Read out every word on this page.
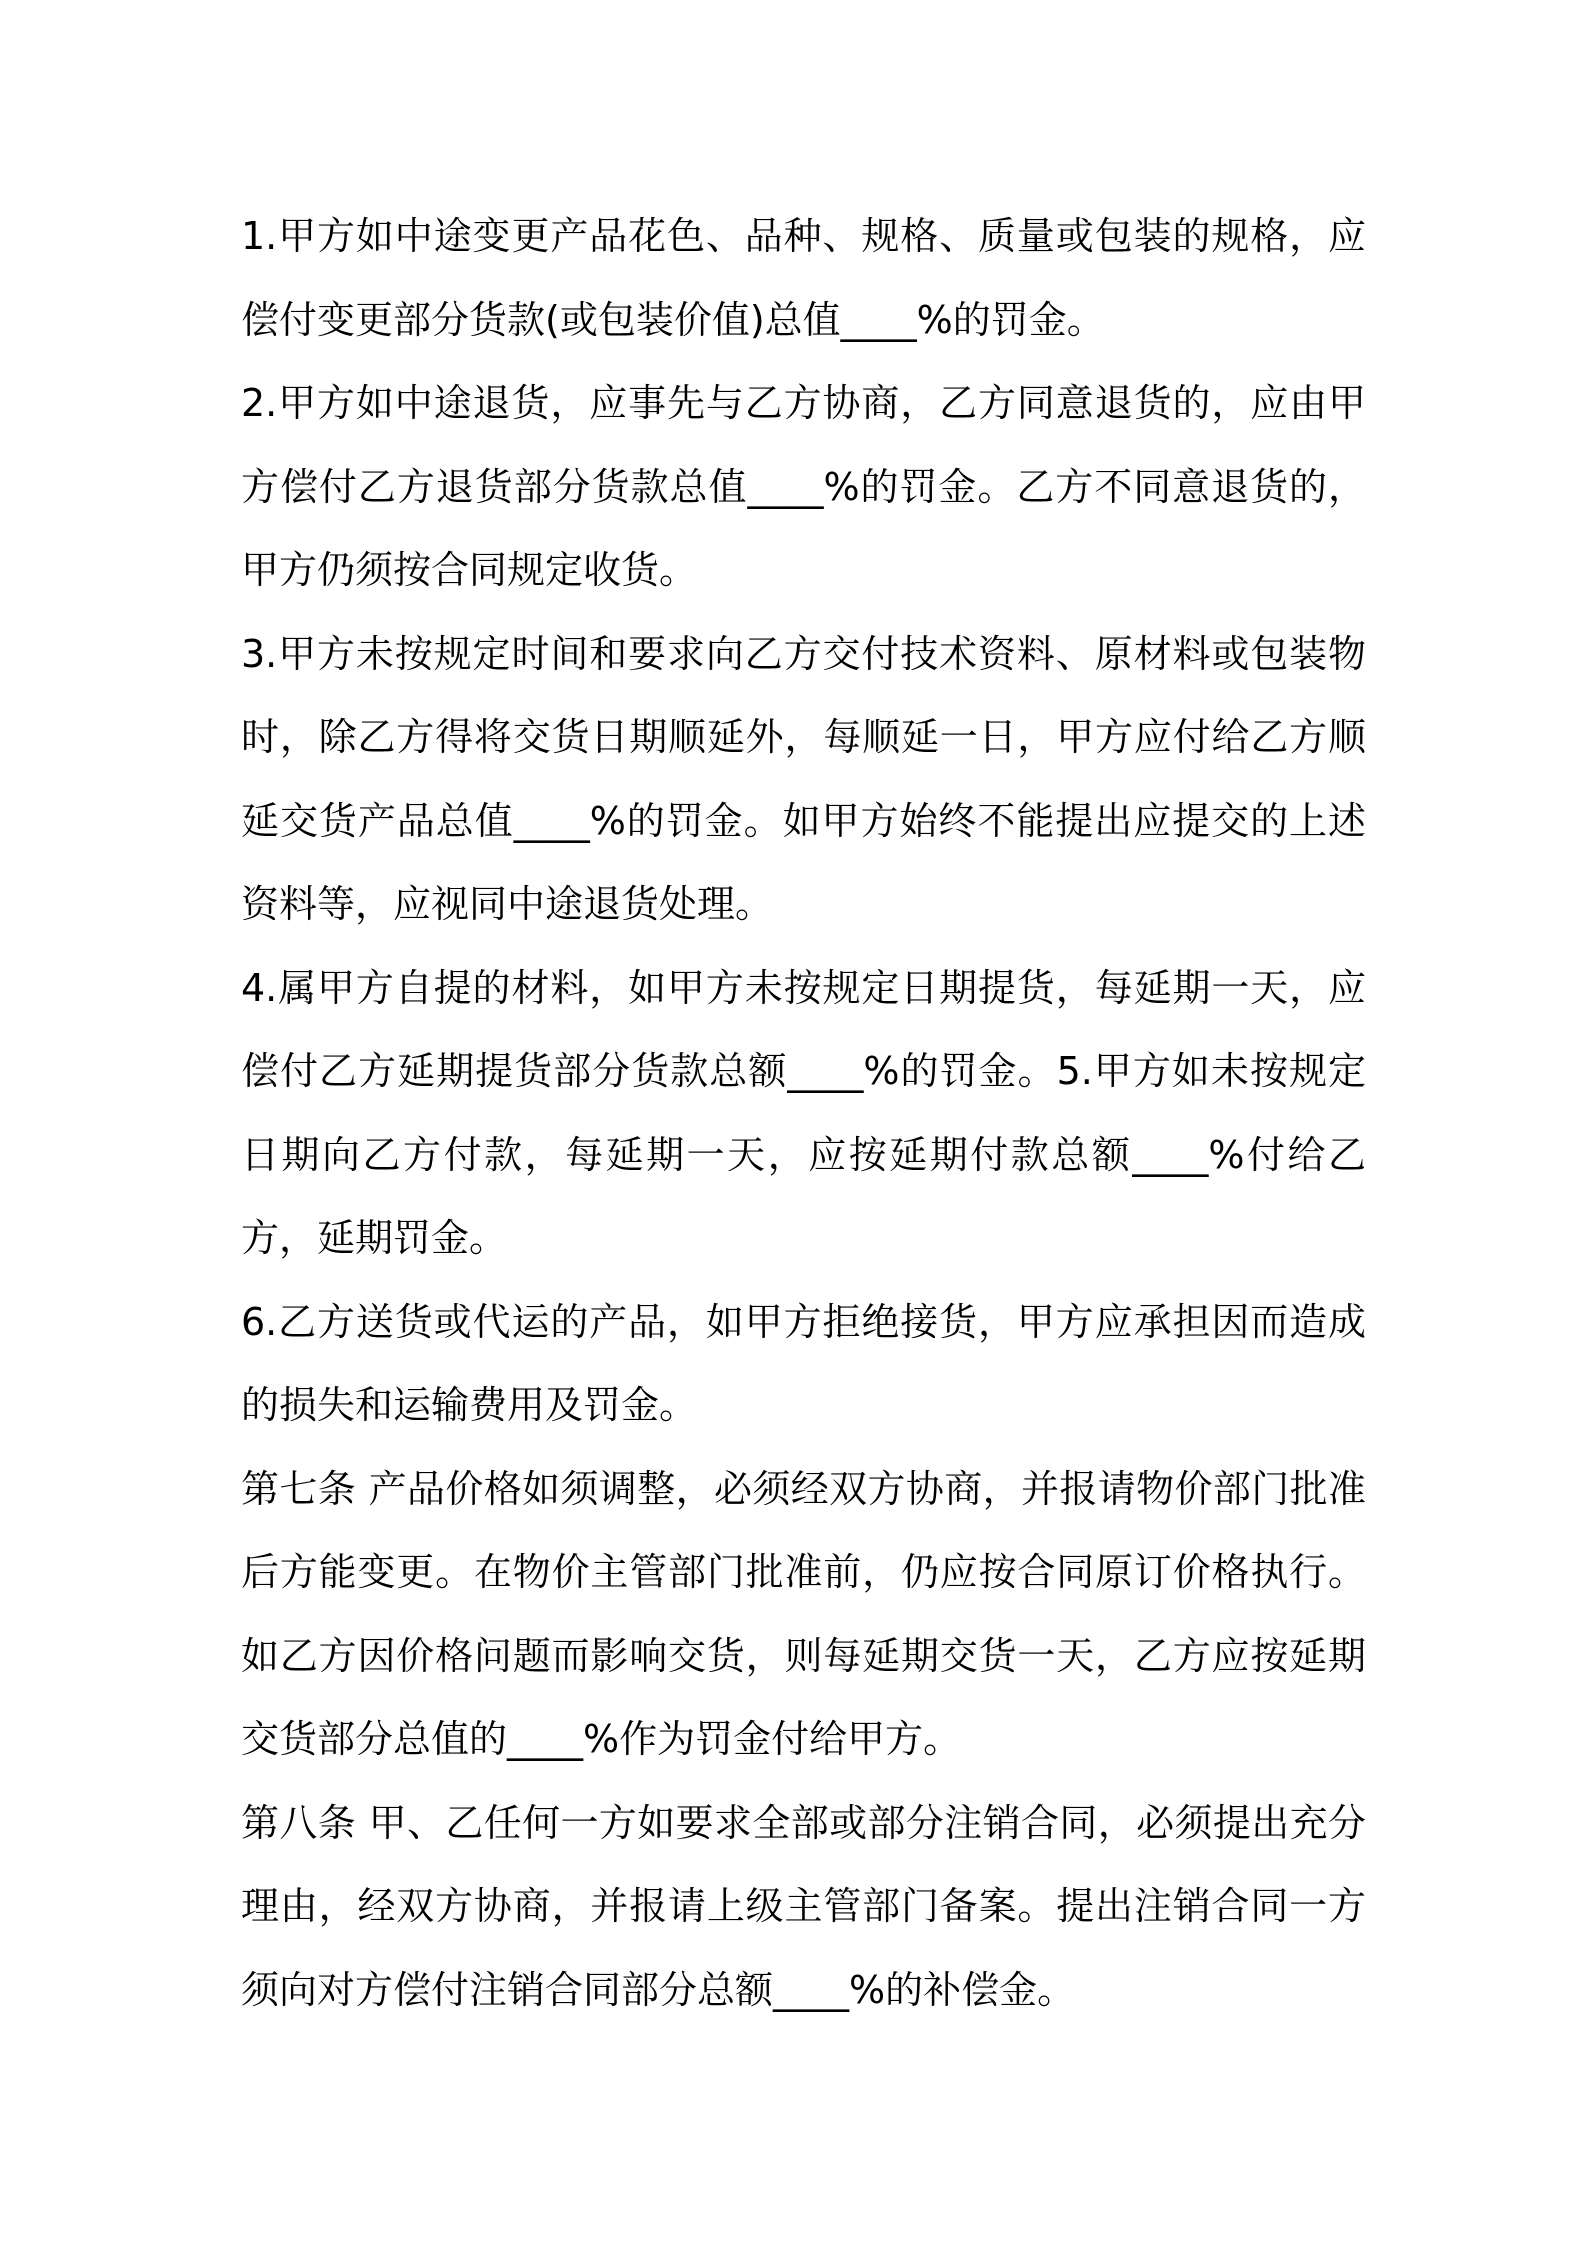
1.甲方如中途变更产品花色、品种、规格、质量或包装的规格，应偿付变更部分货款(或包装价值)总值____%的罚金。

2.甲方如中途退货，应事先与乙方协商，乙方同意退货的，应由甲方偿付乙方退货部分货款总值____%的罚金。乙方不同意退货的，甲方仍须按合同规定收货。

3.甲方未按规定时间和要求向乙方交付技术资料、原材料或包装物时，除乙方得将交货日期顺延外，每顺延一日，甲方应付给乙方顺延交货产品总值____%的罚金。如甲方始终不能提出应提交的上述资料等，应视同中途退货处理。

4.属甲方自提的材料，如甲方未按规定日期提货，每延期一天，应偿付乙方延期提货部分货款总额____%的罚金。5.甲方如未按规定日期向乙方付款，每延期一天，应按延期付款总额____%付给乙方，延期罚金。

6.乙方送货或代运的产品，如甲方拒绝接货，甲方应承担因而造成的损失和运输费用及罚金。

第七条 产品价格如须调整，必须经双方协商，并报请物价部门批准后方能变更。在物价主管部门批准前，仍应按合同原订价格执行。如乙方因价格问题而影响交货，则每延期交货一天，乙方应按延期交货部分总值的____%作为罚金付给甲方。

第八条 甲、乙任何一方如要求全部或部分注销合同，必须提出充分理由，经双方协商，并报请上级主管部门备案。提出注销合同一方须向对方偿付注销合同部分总额____%的补偿金。
